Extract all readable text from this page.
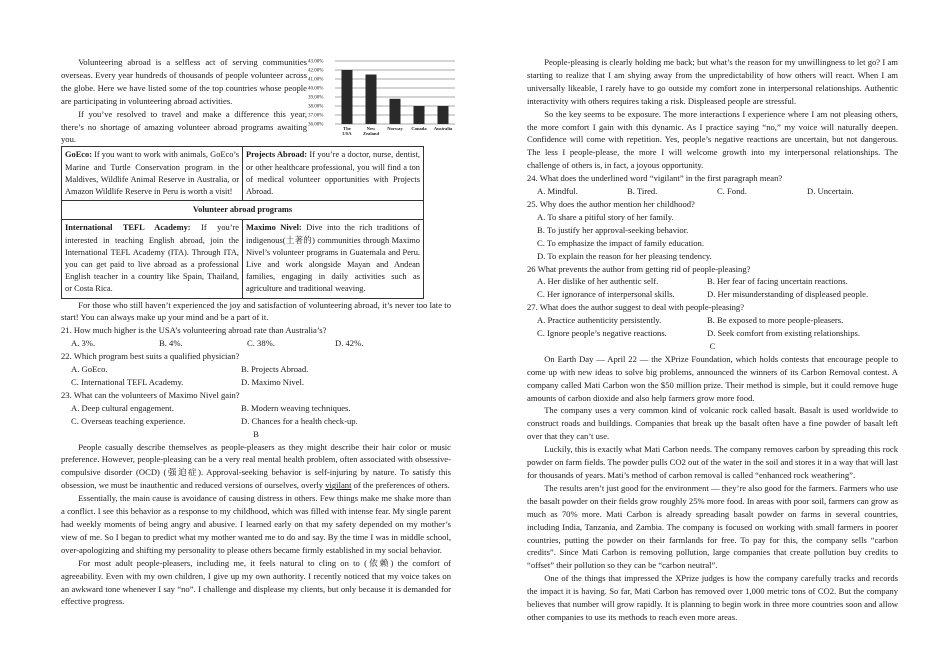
Volunteering abroad is a selfless act of serving communities overseas. Every year hundreds of thousands of people volunteer across the globe. Here we have listed some of the top countries whose people are participating in volunteering abroad activities.

If you’ve resolved to travel and make a difference this year, there’s no shortage of amazing volunteer abroad programs awaiting you.

36.00%
37.00%
38.00%
39.00%
40.00%
41.00%
42.00%
43.00%
The
USA
New
Zealand
Norway Canada Australia
GoEco: If you want to work with animals, GoEco’s Marine and Turtle Conservation program in the Maldives, Wildlife Animal Reserve in Australia, or Amazon Wildlife Reserve in Peru is worth a visit!	Projects Abroad: If you’re a doctor, nurse, dentist, or other healthcare professional, you will find a ton of medical volunteer opportunities with Projects Abroad.
Volunteer abroad programs	
International TEFL Academy: If you’re interested in teaching English abroad, join the International TEFL Academy (ITA). Through ITA, you can get paid to live abroad as a professional English teacher in a country like Spain, Thailand, or Costa Rica.	Maximo Nivel: Dive into the rich traditions of indigenous(土著的) communities through Maximo Nivel’s volunteer programs in Guatemala and Peru. Live and work alongside Mayan and Andean families, engaging in daily activities such as agriculture and traditional weaving.

For those who still haven’t experienced the joy and satisfaction of volunteering abroad, it’s never too late to start! You can always make up your mind and be a part of it.

21. How much higher is the USA’s volunteering abroad rate than Australia’s?

A. 3%.	B. 4%.	C. 38%.	D. 42%.

22. Which program best suits a qualified physician?

A. GoEco.	B. Projects Abroad.
C. International TEFL Academy.	D. Maximo Nivel.

23. What can the volunteers of Maximo Nivel gain?

A. Deep cultural engagement.	B. Modern weaving techniques.
C. Overseas teaching experience.	D. Chances for a health check-up.

B

People casually describe themselves as people-pleasers as they might describe their hair color or music preference. However, people-pleasing can be a very real mental health problem, often associated with obsessive-compulsive disorder (OCD) (强迫症). Approval-seeking behavior is self-injuring by nature. To satisfy this obsession, we must be inauthentic and reduced versions of ourselves, overly vigilant of the preferences of others.

Essentially, the main cause is avoidance of causing distress in others. Few things make me shake more than a conflict. I see this behavior as a response to my childhood, which was filled with intense fear. My single parent had weekly moments of being angry and abusive. I learned early on that my safety depended on my mother’s view of me. So I began to predict what my mother wanted me to do and say. By the time I was in middle school, over-apologizing and shifting my personality to please others became firmly established in my social behavior.

For most adult people-pleasers, including me, it feels natural to cling on to (依赖) the comfort of agreeability. Even with my own children, I give up my own authority. I recently noticed that my voice takes on an awkward tone whenever I say “no”. I challenge and displease my clients, but only because it is demanded for effective progress.

People-pleasing is clearly holding me back; but what’s the reason for my unwillingness to let go? I am starting to realize that I am shying away from the unpredictability of how others will react. When I am universally likeable, I rarely have to go outside my comfort zone in interpersonal relationships. Authentic interactivity with others requires taking a risk. Displeased people are stressful.

So the key seems to be exposure. The more interactions I experience where I am not pleasing others, the more comfort I gain with this dynamic. As I practice saying “no,” my voice will naturally deepen. Confidence will come with repetition. Yes, people’s negative reactions are uncertain, but not dangerous. The less I people-please, the more I will welcome growth into my interpersonal relationships. The challenge of others is, in fact, a joyous opportunity.

24. What does the underlined word “vigilant” in the first paragraph mean?

A. Mindful.	B. Tired.	C. Fond.	D. Uncertain.

25. Why does the author mention her childhood?

A. To share a pitiful story of her family.
B. To justify her approval-seeking behavior.
C. To emphasize the impact of family education.
D. To explain the reason for her pleasing tendency.

26 What prevents the author from getting rid of people-pleasing?

A. Her dislike of her authentic self.	B. Her fear of facing uncertain reactions.
C. Her ignorance of interpersonal skills.	D. Her misunderstanding of displeased people.

27. What does the author suggest to deal with people-pleasing?

A. Practice authenticity persistently.	B. Be exposed to more people-pleasers.
C. Ignore people’s negative reactions.	D. Seek comfort from existing relationships.

C

On Earth Day — April 22 — the XPrize Foundation, which holds contests that encourage people to come up with new ideas to solve big problems, announced the winners of its Carbon Removal contest. A company called Mati Carbon won the $50 million prize. Their method is simple, but it could remove huge amounts of carbon dioxide and also help farmers grow more food.

The company uses a very common kind of volcanic rock called basalt. Basalt is used worldwide to construct roads and buildings. Companies that break up the basalt often have a fine powder of basalt left over that they can’t use.

Luckily, this is exactly what Mati Carbon needs. The company removes carbon by spreading this rock powder on farm fields. The powder pulls CO2 out of the water in the soil and stores it in a way that will last for thousands of years. Mati’s method of carbon removal is called “enhanced rock weathering”.

The results aren’t just good for the environment — they’re also good for the farmers. Farmers who use the basalt powder on their fields grow roughly 25% more food. In areas with poor soil, farmers can grow as much as 70% more. Mati Carbon is already spreading basalt powder on farms in several countries, including India, Tanzania, and Zambia. The company is focused on working with small farmers in poorer countries, putting the powder on their farmlands for free. To pay for this, the company sells “carbon credits”. Since Mati Carbon is removing pollution, large companies that create pollution buy credits to “offset” their pollution so they can be “carbon neutral”.

One of the things that impressed the XPrize judges is how the company carefully tracks and records the impact it is having. So far, Mati Carbon has removed over 1,000 metric tons of CO2. But the company believes that number will grow rapidly. It is planning to begin work in three more countries soon and allow other companies to use its methods to reach even more areas.
